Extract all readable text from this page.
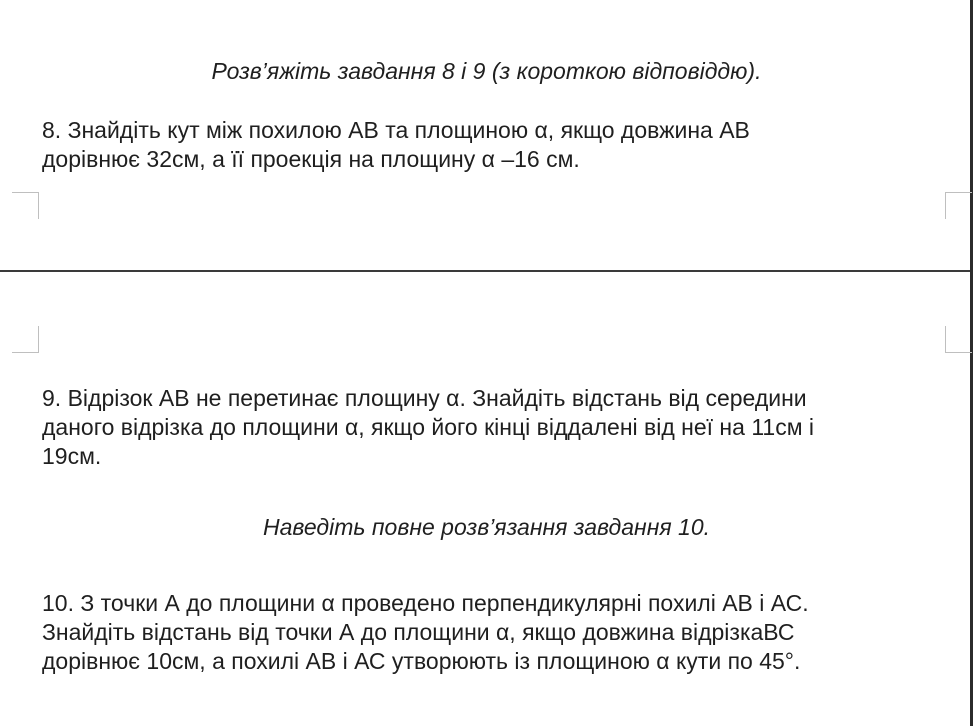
Розв’яжіть завдання 8 і 9 (з короткою відповіддю).

8. Знайдіть кут між похилою АВ та площиною α, якщо довжина АВ
дорівнює 32см, а її проекція на площину α –16 см.

9. Відрізок АВ не перетинає площину α. Знайдіть відстань від середини
даного відрізка до площини α, якщо його кінці віддалені від неї на 11см і
19см.

Наведіть повне розв’язання завдання 10.

10. З точки А до площини α проведено перпендикулярні похилі АВ і АС.
Знайдіть відстань від точки А до площини α, якщо довжина відрізкаВС
дорівнює 10см, а похилі АВ і АС утворюють із площиною α кути по 45°.
